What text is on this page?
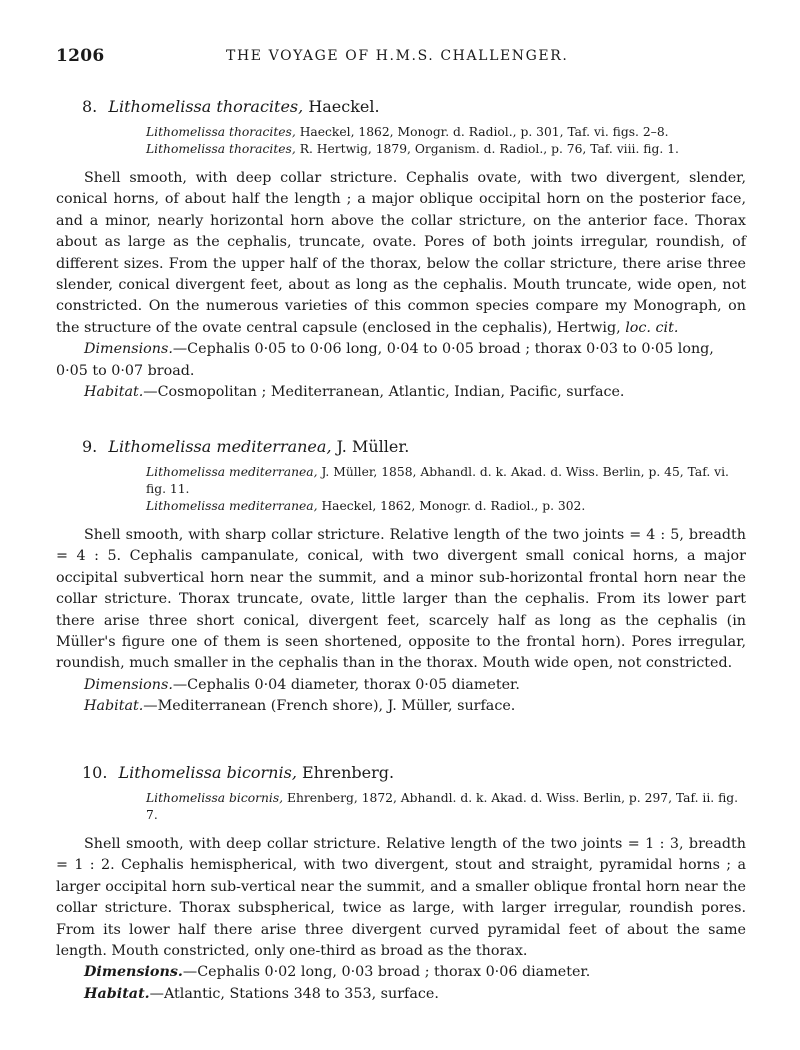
1206	THE VOYAGE OF H.M.S. CHALLENGER.
8. Lithomelissa thoracites, Haeckel.
Lithomelissa thoracites, Haeckel, 1862, Monogr. d. Radiol., p. 301, Taf. vi. figs. 2–8.
Lithomelissa thoracites, R. Hertwig, 1879, Organism. d. Radiol., p. 76, Taf. viii. fig. 1.
Shell smooth, with deep collar stricture. Cephalis ovate, with two divergent, slender, conical horns, of about half the length ; a major oblique occipital horn on the posterior face, and a minor, nearly horizontal horn above the collar stricture, on the anterior face. Thorax about as large as the cephalis, truncate, ovate. Pores of both joints irregular, roundish, of different sizes. From the upper half of the thorax, below the collar stricture, there arise three slender, conical divergent feet, about as long as the cephalis. Mouth truncate, wide open, not constricted. On the numerous varieties of this common species compare my Monograph, on the structure of the ovate central capsule (enclosed in the cephalis), Hertwig, loc. cit.
Dimensions.—Cephalis 0·05 to 0·06 long, 0·04 to 0·05 broad ; thorax 0·03 to 0·05 long, 0·05 to 0·07 broad.
Habitat.—Cosmopolitan ; Mediterranean, Atlantic, Indian, Pacific, surface.
9. Lithomelissa mediterranea, J. Müller.
Lithomelissa mediterranea, J. Müller, 1858, Abhandl. d. k. Akad. d. Wiss. Berlin, p. 45, Taf. vi. fig. 11.
Lithomelissa mediterranea, Haeckel, 1862, Monogr. d. Radiol., p. 302.
Shell smooth, with sharp collar stricture. Relative length of the two joints = 4 : 5, breadth = 4 : 5. Cephalis campanulate, conical, with two divergent small conical horns, a major occipital subvertical horn near the summit, and a minor sub-horizontal frontal horn near the collar stricture. Thorax truncate, ovate, little larger than the cephalis. From its lower part there arise three short conical, divergent feet, scarcely half as long as the cephalis (in Müller's figure one of them is seen shortened, opposite to the frontal horn). Pores irregular, roundish, much smaller in the cephalis than in the thorax. Mouth wide open, not constricted.
Dimensions.—Cephalis 0·04 diameter, thorax 0·05 diameter.
Habitat.—Mediterranean (French shore), J. Müller, surface.
10. Lithomelissa bicornis, Ehrenberg.
Lithomelissa bicornis, Ehrenberg, 1872, Abhandl. d. k. Akad. d. Wiss. Berlin, p. 297, Taf. ii. fig. 7.
Shell smooth, with deep collar stricture. Relative length of the two joints = 1 : 3, breadth = 1 : 2. Cephalis hemispherical, with two divergent, stout and straight, pyramidal horns ; a larger occipital horn sub-vertical near the summit, and a smaller oblique frontal horn near the collar stricture. Thorax subspherical, twice as large, with larger irregular, roundish pores. From its lower half there arise three divergent curved pyramidal feet of about the same length. Mouth constricted, only one-third as broad as the thorax.
Dimensions.—Cephalis 0·02 long, 0·03 broad ; thorax 0·06 diameter.
Habitat.—Atlantic, Stations 348 to 353, surface.
